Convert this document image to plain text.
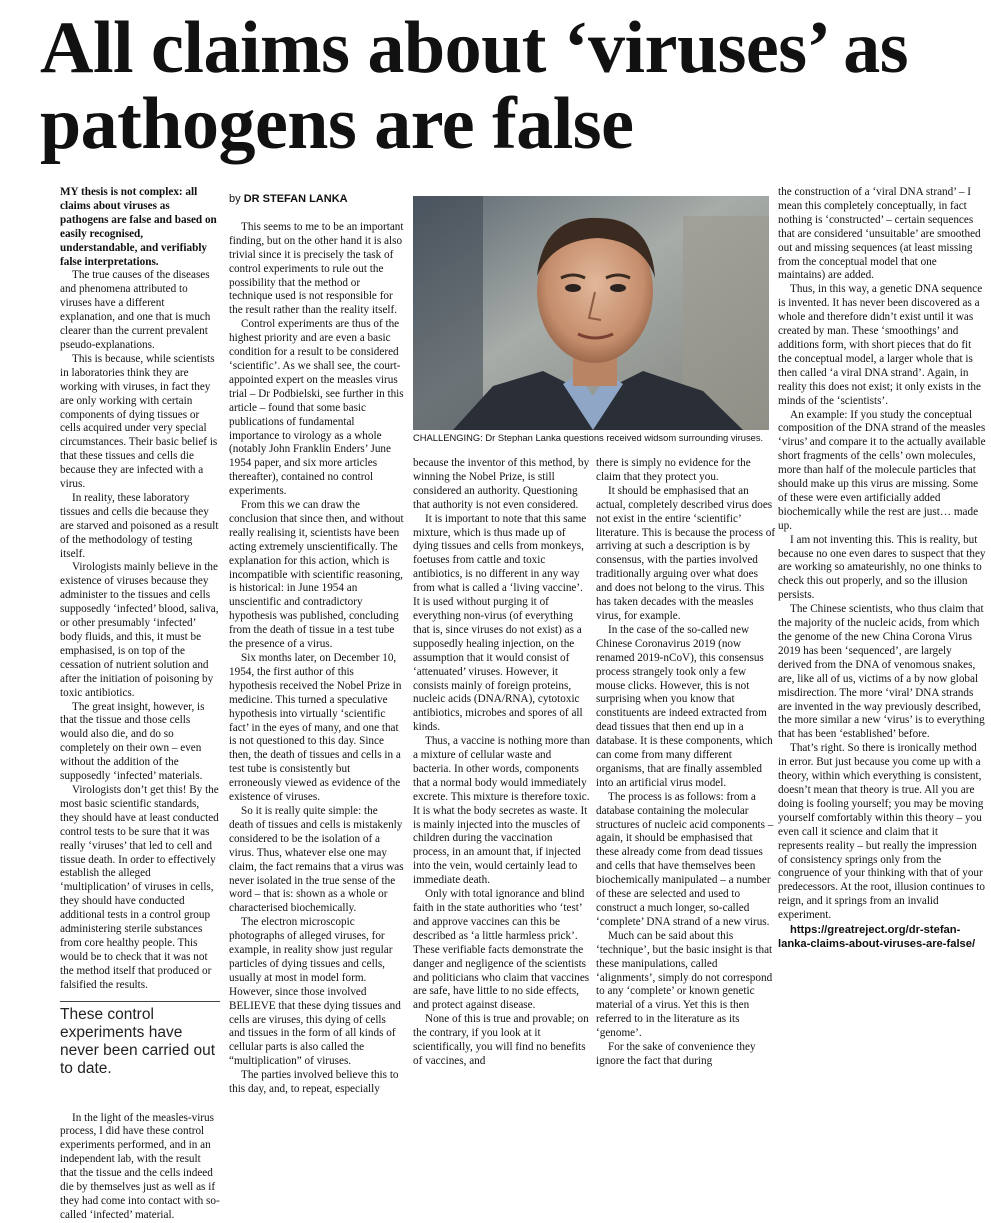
All claims about ‘viruses’ as pathogens are false

MY thesis is not complex: all claims about viruses as pathogens are false and based on easily recognised, understandable, and verifiably false interpretations.

The true causes of the diseases and phenomena attributed to viruses have a different explanation, and one that is much clearer than the current prevalent pseudo-explanations.

This is because, while scientists in laboratories think they are working with viruses, in fact they are only working with certain components of dying tissues or cells acquired under very special circumstances. Their basic belief is that these tissues and cells die because they are infected with a virus.

In reality, these laboratory tissues and cells die because they are starved and poisoned as a result of the methodology of testing itself.

Virologists mainly believe in the existence of viruses because they administer to the tissues and cells supposedly ‘infected’ blood, saliva, or other presumably ‘infected’ body fluids, and this, it must be emphasised, is on top of the cessation of nutrient solution and after the initiation of poisoning by toxic antibiotics.

The great insight, however, is that the tissue and those cells would also die, and do so completely on their own – even without the addition of the supposedly ‘infected’ materials.

Virologists don’t get this! By the most basic scientific standards, they should have at least conducted control tests to be sure that it was really ‘viruses’ that led to cell and tissue death. In order to effectively establish the alleged ‘multiplication’ of viruses in cells, they should have conducted additional tests in a control group administering sterile substances from core healthy people. This would be to check that it was not the method itself that produced or falsified the results.

These control experiments have never been carried out to date.

In the light of the measles-virus process, I did have these control experiments performed, and in an independent lab, with the result that the tissue and the cells indeed die by themselves just as well as if they had come into contact with so-called ‘infected’ material.

by DR STEFAN LANKA

This seems to me to be an important finding, but on the other hand it is also trivial since it is precisely the task of control experiments to rule out the possibility that the method or technique used is not responsible for the result rather than the reality itself.

Control experiments are thus of the highest priority and are even a basic condition for a result to be considered ‘scientific’. As we shall see, the court-appointed expert on the measles virus trial – Dr Podbielski, see further in this article – found that some basic publications of fundamental importance to virology as a whole (notably John Franklin Enders’ June 1954 paper, and six more articles thereafter), contained no control experiments.

From this we can draw the conclusion that since then, and without really realising it, scientists have been acting extremely unscientifically. The explanation for this action, which is incompatible with scientific reasoning, is historical: in June 1954 an unscientific and contradictory hypothesis was published, concluding from the death of tissue in a test tube the presence of a virus.

Six months later, on December 10, 1954, the first author of this hypothesis received the Nobel Prize in medicine. This turned a speculative hypothesis into virtually ‘scientific fact’ in the eyes of many, and one that is not questioned to this day. Since then, the death of tissues and cells in a test tube is consistently but erroneously viewed as evidence of the existence of viruses.

So it is really quite simple: the death of tissues and cells is mistakenly considered to be the isolation of a virus. Thus, whatever else one may claim, the fact remains that a virus was never isolated in the true sense of the word – that is: shown as a whole or characterised biochemically.

The electron microscopic photographs of alleged viruses, for example, in reality show just regular particles of dying tissues and cells, usually at most in model form. However, since those involved BELIEVE that these dying tissues and cells are viruses, this dying of cells and tissues in the form of all kinds of cellular parts is also called the “multiplication” of viruses.

The parties involved believe this to this day, and, to repeat, especially

CHALLENGING: Dr Stephan Lanka questions received widsom surrounding viruses.

because the inventor of this method, by winning the Nobel Prize, is still considered an authority. Questioning that authority is not even considered.

It is important to note that this same mixture, which is thus made up of dying tissues and cells from monkeys, foetuses from cattle and toxic antibiotics, is no different in any way from what is called a ‘living vaccine’. It is used without purging it of everything non-virus (of everything that is, since viruses do not exist) as a supposedly healing injection, on the assumption that it would consist of ‘attenuated’ viruses. However, it consists mainly of foreign proteins, nucleic acids (DNA/RNA), cytotoxic antibiotics, microbes and spores of all kinds.

Thus, a vaccine is nothing more than a mixture of cellular waste and bacteria. In other words, components that a normal body would immediately excrete. This mixture is therefore toxic. It is what the body secretes as waste. It is mainly injected into the muscles of children during the vaccination process, in an amount that, if injected into the vein, would certainly lead to immediate death.

Only with total ignorance and blind faith in the state authorities who ‘test’ and approve vaccines can this be described as ‘a little harmless prick’. These verifiable facts demonstrate the danger and negligence of the scientists and politicians who claim that vaccines are safe, have little to no side effects, and protect against disease.

None of this is true and provable; on the contrary, if you look at it scientifically, you will find no benefits of vaccines, and

there is simply no evidence for the claim that they protect you.

It should be emphasised that an actual, completely described virus does not exist in the entire ‘scientific’ literature. This is because the process of arriving at such a description is by consensus, with the parties involved traditionally arguing over what does and does not belong to the virus. This has taken decades with the measles virus, for example.

In the case of the so-called new Chinese Coronavirus 2019 (now renamed 2019-nCoV), this consensus process strangely took only a few mouse clicks. However, this is not surprising when you know that constituents are indeed extracted from dead tissues that then end up in a database. It is these components, which can come from many different organisms, that are finally assembled into an artificial virus model.

The process is as follows: from a database containing the molecular structures of nucleic acid components – again, it should be emphasised that these already come from dead tissues and cells that have themselves been biochemically manipulated – a number of these are selected and used to construct a much longer, so-called ‘complete’ DNA strand of a new virus.

Much can be said about this ‘technique’, but the basic insight is that these manipulations, called ‘alignments’, simply do not correspond to any ‘complete’ or known genetic material of a virus. Yet this is then referred to in the literature as its ‘genome’.

For the sake of convenience they ignore the fact that during

the construction of a ‘viral DNA strand’ – I mean this completely conceptually, in fact nothing is ‘constructed’ – certain sequences that are considered ‘unsuitable’ are smoothed out and missing sequences (at least missing from the conceptual model that one maintains) are added.

Thus, in this way, a genetic DNA sequence is invented. It has never been discovered as a whole and therefore didn’t exist until it was created by man. These ‘smoothings’ and additions form, with short pieces that do fit the conceptual model, a larger whole that is then called ‘a viral DNA strand’. Again, in reality this does not exist; it only exists in the minds of the ‘scientists’.

An example: If you study the conceptual composition of the DNA strand of the measles ‘virus’ and compare it to the actually available short fragments of the cells’ own molecules, more than half of the molecule particles that should make up this virus are missing. Some of these were even artificially added biochemically while the rest are just… made up.

I am not inventing this. This is reality, but because no one even dares to suspect that they are working so amateurishly, no one thinks to check this out properly, and so the illusion persists.

The Chinese scientists, who thus claim that the majority of the nucleic acids, from which the genome of the new China Corona Virus 2019 has been ‘sequenced’, are largely derived from the DNA of venomous snakes, are, like all of us, victims of a by now global misdirection. The more ‘viral’ DNA strands are invented in the way previously described, the more similar a new ‘virus’ is to everything that has been ‘established’ before.

That’s right. So there is ironically method in error. But just because you come up with a theory, within which everything is consistent, doesn’t mean that theory is true. All you are doing is fooling yourself; you may be moving yourself comfortably within this theory – you even call it science and claim that it represents reality – but really the impression of consistency springs only from the congruence of your thinking with that of your predecessors. At the root, illusion continues to reign, and it springs from an invalid experiment.

https://greatreject.org/dr-stefan-lanka-claims-about-viruses-are-false/
